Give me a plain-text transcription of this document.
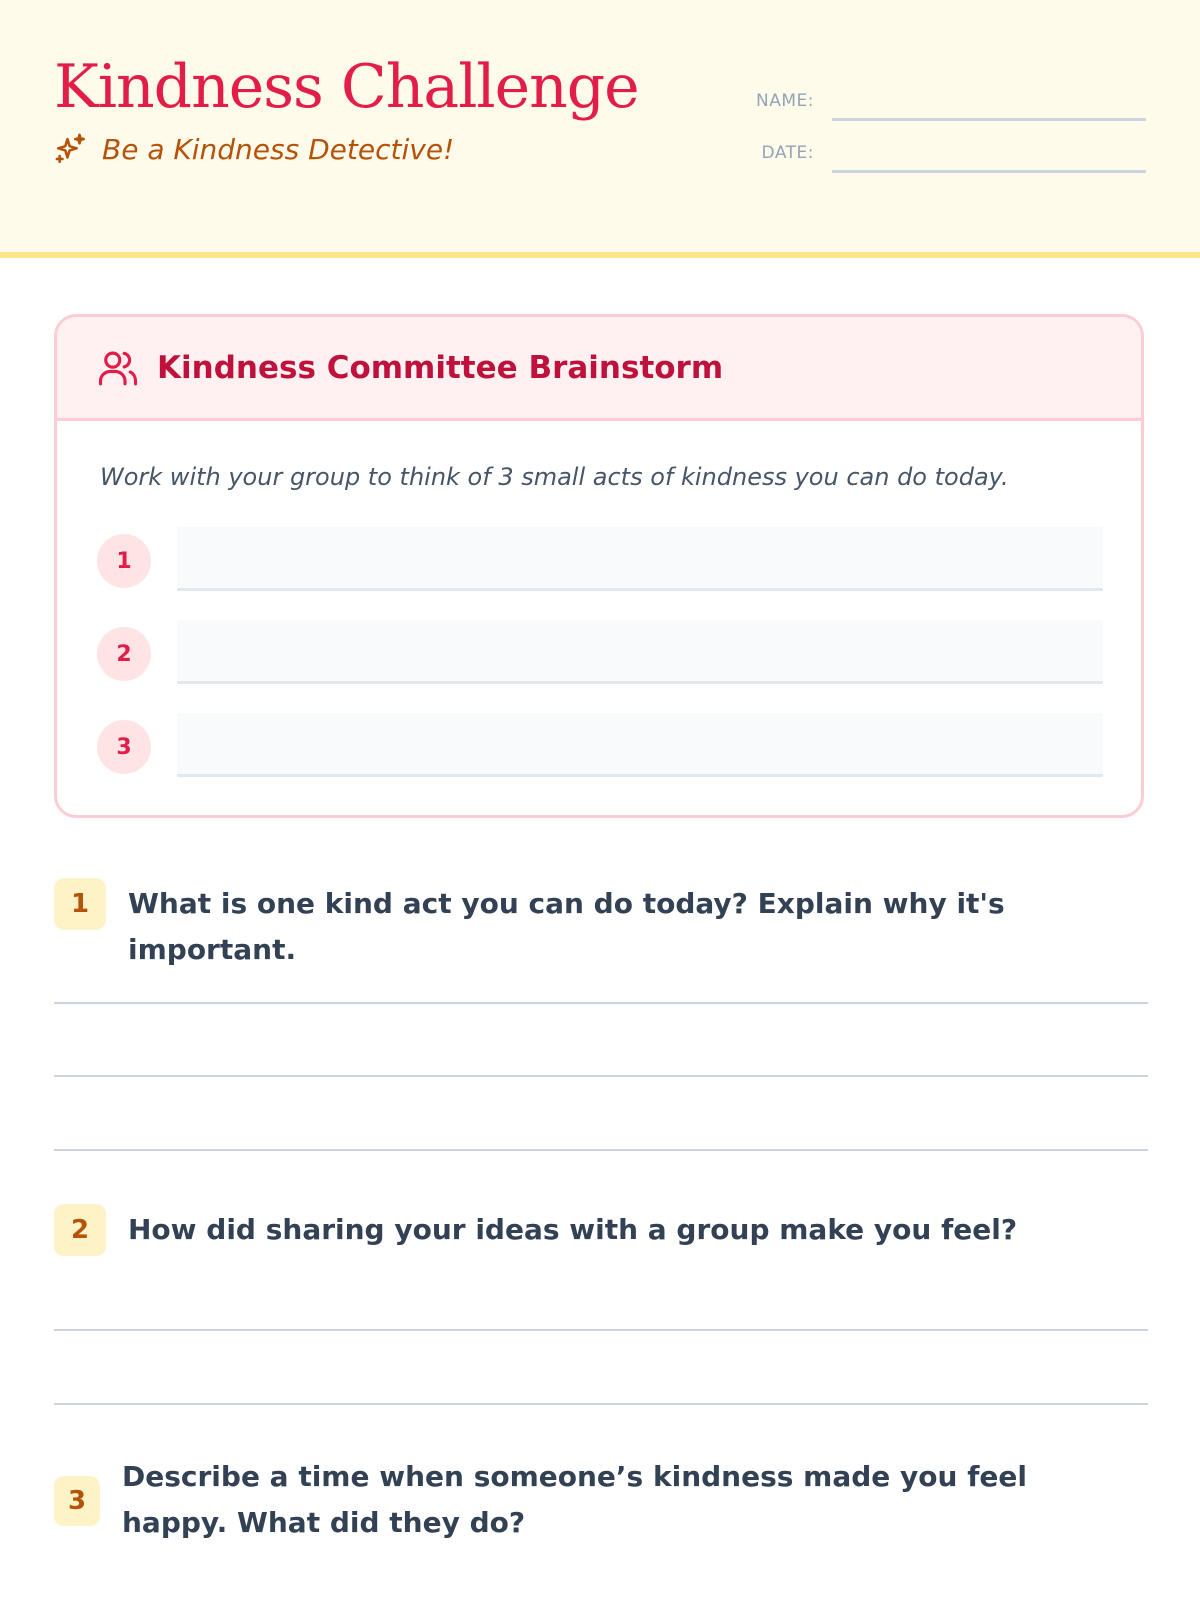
Kindness Challenge
Be a Kindness Detective!
NAME:
DATE:
Kindness Committee Brainstorm
Work with your group to think of 3 small acts of kindness you can do today.
1
2
3
1	What is one kind act you can do today? Explain why it's important.
2	How did sharing your ideas with a group make you feel?
3
Describe a time when someone’s kindness made you feel happy. What did they do?
